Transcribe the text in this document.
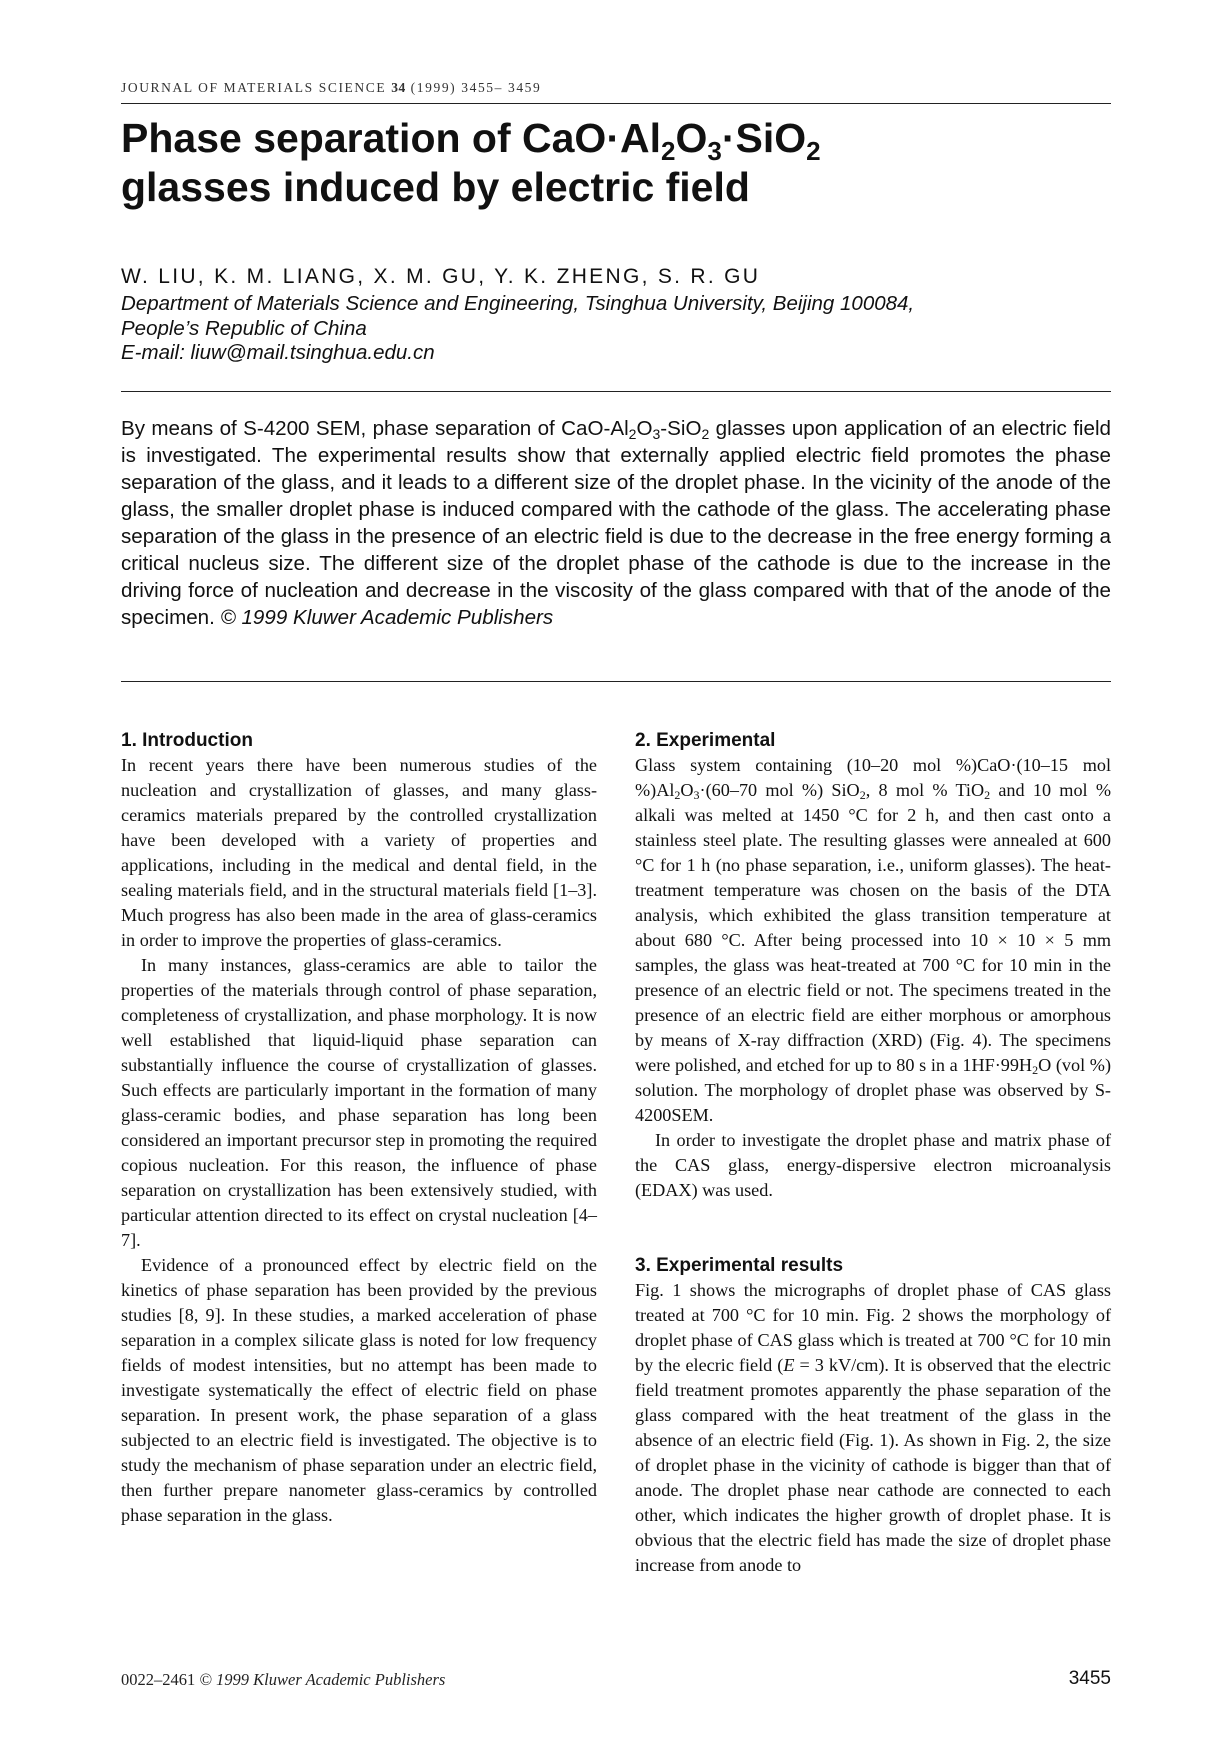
JOURNAL OF MATERIALS SCIENCE 34 (1999) 3455– 3459
Phase separation of $CaO\cdot Al_2O_3\cdot SiO_2$
glasses induced by electric field
W. LIU, K. M. LIANG, X. M. GU, Y. K. ZHENG, S. R. GU
Department of Materials Science and Engineering, Tsinghua University, Beijing 100084,
People’s Republic of China
E-mail: liuw@mail.tsinghua.edu.cn

By means of S-4200 SEM, phase separation of CaO-$Al_2O_3-SiO_2$ glasses upon application of an electric field is investigated. The experimental results show that externally applied electric field promotes the phase separation of the glass, and it leads to a different size of the droplet phase. In the vicinity of the anode of the glass, the smaller droplet phase is induced compared with the cathode of the glass. The accelerating phase separation of the glass in the presence of an electric field is due to the decrease in the free energy forming a critical nucleus size. The different size of the droplet phase of the cathode is due to the increase in the driving force of nucleation and decrease in the viscosity of the glass compared with that of the anode of the specimen. © 1999 Kluwer Academic Publishers

1. Introduction

In recent years there have been numerous studies of the nucleation and crystallization of glasses, and many glass-ceramics materials prepared by the controlled crystallization have been developed with a variety of properties and applications, including in the medical and dental field, in the sealing materials field, and in the structural materials field [1–3]. Much progress has also been made in the area of glass-ceramics in order to improve the properties of glass-ceramics.

In many instances, glass-ceramics are able to tailor the properties of the materials through control of phase separation, completeness of crystallization, and phase morphology. It is now well established that liquid-liquid phase separation can substantially influence the course of crystallization of glasses. Such effects are particularly important in the formation of many glass-ceramic bodies, and phase separation has long been considered an important precursor step in promoting the required copious nucleation. For this reason, the influence of phase separation on crystallization has been extensively studied, with particular attention directed to its effect on crystal nucleation [4–7].

Evidence of a pronounced effect by electric field on the kinetics of phase separation has been provided by the previous studies [8, 9]. In these studies, a marked acceleration of phase separation in a complex silicate glass is noted for low frequency fields of modest intensities, but no attempt has been made to investigate systematically the effect of electric field on phase separation. In present work, the phase separation of a glass subjected to an electric field is investigated. The objective is to study the mechanism of phase separation under an electric field, then further prepare nanometer glass-ceramics by controlled phase separation in the glass.

2. Experimental

Glass system containing (10–20 mol %)CaO·(10–15 mol $\%)Al_2O_3\cdot(60-70$ mol %) SiO$_2$, 8 mol % TiO$_2$ and 10 mol % alkali was melted at 1450 °C for 2 h, and then cast onto a stainless steel plate. The resulting glasses were annealed at 600 °C for 1 h (no phase separation, i.e., uniform glasses). The heat-treatment temperature was chosen on the basis of the DTA analysis, which exhibited the glass transition temperature at about 680 °C. After being processed into 10 × 10 × 5 mm samples, the glass was heat-treated at 700 °C for 10 min in the presence of an electric field or not. The specimens treated in the presence of an electric field are either morphous or amorphous by means of X-ray diffraction (XRD) (Fig. 4). The specimens were polished, and etched for up to 80 s in a $1HF\cdot 99H_2O$ (vol %) solution. The morphology of droplet phase was observed by S-4200SEM.

In order to investigate the droplet phase and matrix phase of the CAS glass, energy-dispersive electron microanalysis (EDAX) was used.

3. Experimental results

Fig. 1 shows the micrographs of droplet phase of CAS glass treated at 700 °C for 10 min. Fig. 2 shows the morphology of droplet phase of CAS glass which is treated at 700 °C for 10 min by the elecric field (E = 3 kV/cm). It is observed that the electric field treatment promotes apparently the phase separation of the glass compared with the heat treatment of the glass in the absence of an electric field (Fig. 1). As shown in Fig. 2, the size of droplet phase in the vicinity of cathode is bigger than that of anode. The droplet phase near cathode are connected to each other, which indicates the higher growth of droplet phase. It is obvious that the electric field has made the size of droplet phase increase from anode to

0022–2461 © 1999 Kluwer Academic Publishers	3455
